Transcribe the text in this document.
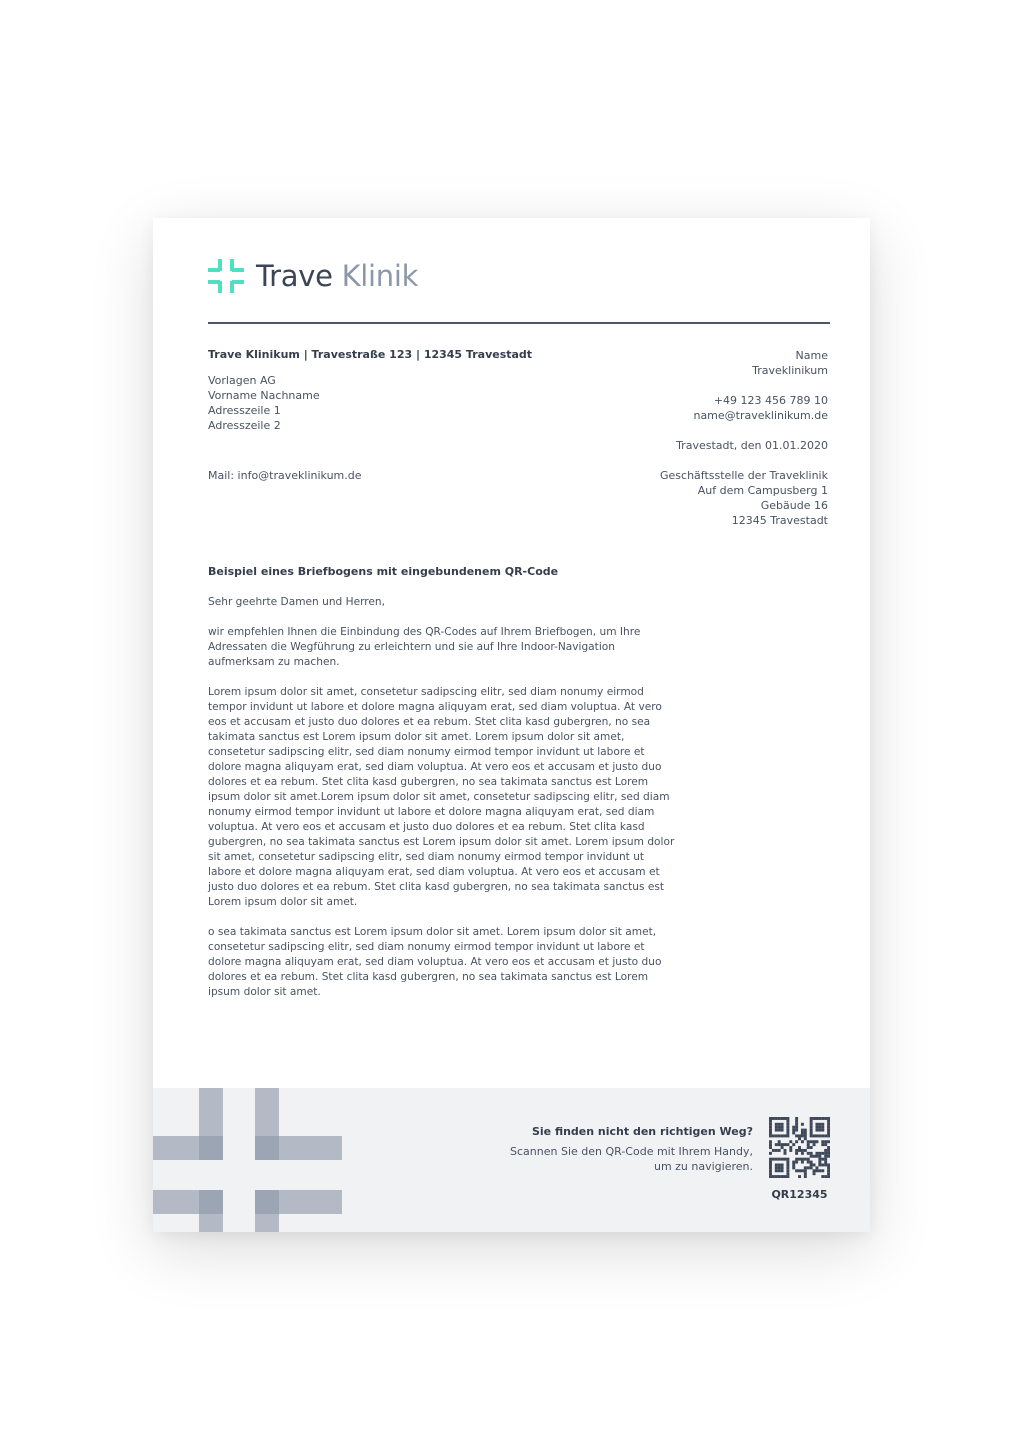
Trave Klinik
Trave Klinikum | Travestraße 123 | 12345 Travestadt
Vorlagen AG
Vorname Nachname
Adresszeile 1
Adresszeile 2
Mail: info@traveklinikum.de
Name
Traveklinikum
+49 123 456 789 10
name@traveklinikum.de
Travestadt, den 01.01.2020
Geschäftsstelle der Traveklinik
Auf dem Campusberg 1
Gebäude 16
12345 Travestadt
Beispiel eines Briefbogens mit eingebundenem QR-Code

Sehr geehrte Damen und Herren,

wir empfehlen Ihnen die Einbindung des QR-Codes auf Ihrem Briefbogen, um Ihre Adressaten die Wegführung zu erleichtern und sie auf Ihre Indoor-Navigation aufmerksam zu machen.

Lorem ipsum dolor sit amet, consetetur sadipscing elitr, sed diam nonumy eirmod tempor invidunt ut labore et dolore magna aliquyam erat, sed diam voluptua. At vero eos et accusam et justo duo dolores et ea rebum. Stet clita kasd gubergren, no sea takimata sanctus est Lorem ipsum dolor sit amet. Lorem ipsum dolor sit amet, consetetur sadipscing elitr, sed diam nonumy eirmod tempor invidunt ut labore et dolore magna aliquyam erat, sed diam voluptua. At vero eos et accusam et justo duo dolores et ea rebum. Stet clita kasd gubergren, no sea takimata sanctus est Lorem ipsum dolor sit amet.Lorem ipsum dolor sit amet, consetetur sadipscing elitr, sed diam nonumy eirmod tempor invidunt ut labore et dolore magna aliquyam erat, sed diam voluptua. At vero eos et accusam et justo duo dolores et ea rebum. Stet clita kasd gubergren, no sea takimata sanctus est Lorem ipsum dolor sit amet. Lorem ipsum dolor sit amet, consetetur sadipscing elitr, sed diam nonumy eirmod tempor invidunt ut labore et dolore magna aliquyam erat, sed diam voluptua. At vero eos et accusam et justo duo dolores et ea rebum. Stet clita kasd gubergren, no sea takimata sanctus est Lorem ipsum dolor sit amet.

o sea takimata sanctus est Lorem ipsum dolor sit amet. Lorem ipsum dolor sit amet, consetetur sadipscing elitr, sed diam nonumy eirmod tempor invidunt ut labore et dolore magna aliquyam erat, sed diam voluptua. At vero eos et accusam et justo duo dolores et ea rebum. Stet clita kasd gubergren, no sea takimata sanctus est Lorem ipsum dolor sit amet.

Sie finden nicht den richtigen Weg?
Scannen Sie den QR-Code mit Ihrem Handy,
um zu navigieren.
QR12345
